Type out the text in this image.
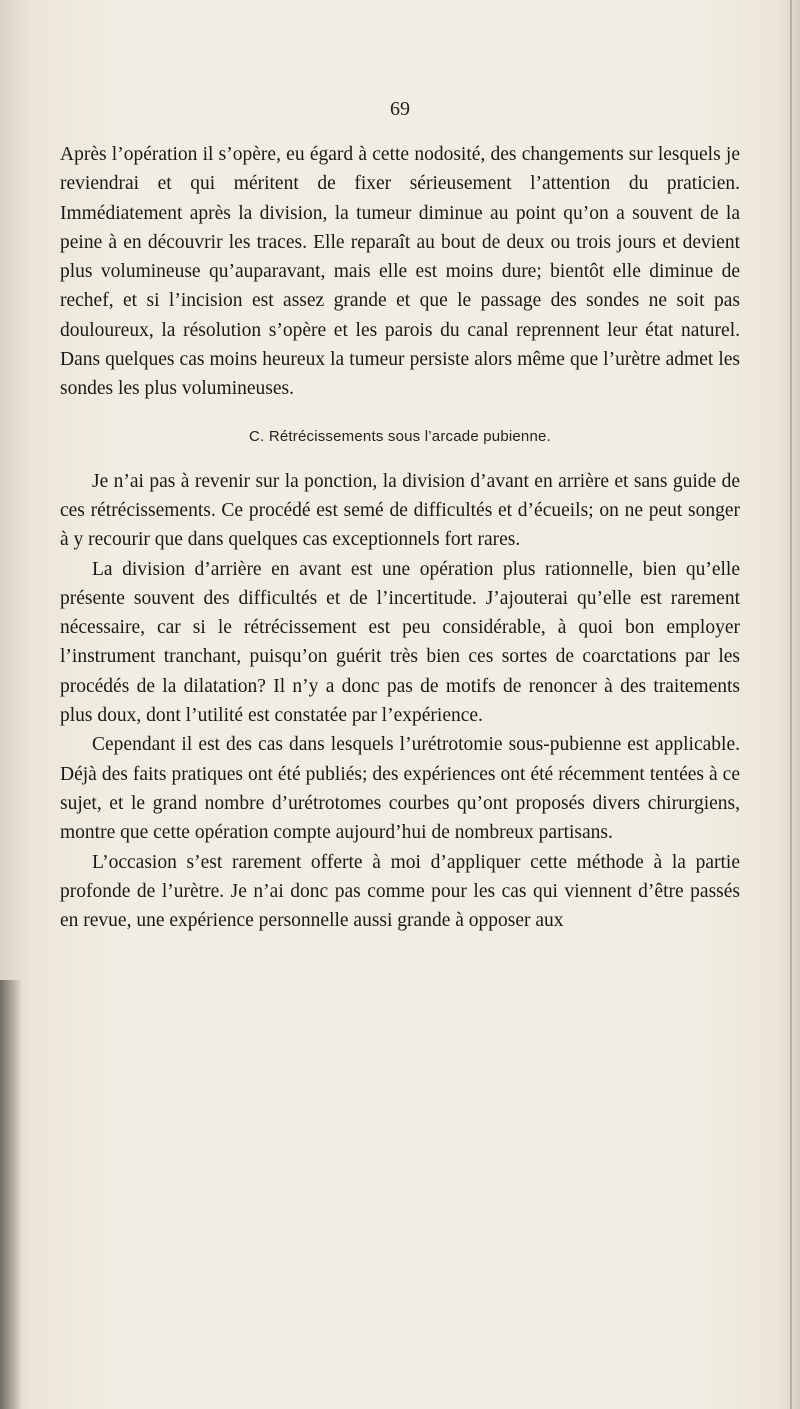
69

Après l’opération il s’opère, eu égard à cette nodosité, des changements sur lesquels je reviendrai et qui méritent de fixer sérieusement l’attention du praticien. Immédiatement après la division, la tumeur diminue au point qu’on a souvent de la peine à en découvrir les traces. Elle reparaît au bout de deux ou trois jours et devient plus volumineuse qu’auparavant, mais elle est moins dure; bientôt elle diminue de rechef, et si l’incision est assez grande et que le passage des sondes ne soit pas douloureux, la résolution s’opère et les parois du canal reprennent leur état naturel. Dans quelques cas moins heureux la tumeur persiste alors même que l’urètre admet les sondes les plus volumineuses.

C. Rétrécissements sous l’arcade pubienne.

Je n’ai pas à revenir sur la ponction, la division d’avant en arrière et sans guide de ces rétrécissements. Ce procédé est semé de difficultés et d’écueils; on ne peut songer à y recourir que dans quelques cas exceptionnels fort rares.

La division d’arrière en avant est une opération plus rationnelle, bien qu’elle présente souvent des difficultés et de l’incertitude. J’ajouterai qu’elle est rarement nécessaire, car si le rétrécissement est peu considérable, à quoi bon employer l’instrument tranchant, puisqu’on guérit très bien ces sortes de coarctations par les procédés de la dilatation? Il n’y a donc pas de motifs de renoncer à des traitements plus doux, dont l’utilité est constatée par l’expérience.

Cependant il est des cas dans lesquels l’urétrotomie sous-pubienne est applicable. Déjà des faits pratiques ont été publiés; des expériences ont été récemment tentées à ce sujet, et le grand nombre d’urétrotomes courbes qu’ont proposés divers chirurgiens, montre que cette opération compte aujourd’hui de nombreux partisans.

L’occasion s’est rarement offerte à moi d’appliquer cette méthode à la partie profonde de l’urètre. Je n’ai donc pas comme pour les cas qui viennent d’être passés en revue, une expérience personnelle aussi grande à opposer aux
